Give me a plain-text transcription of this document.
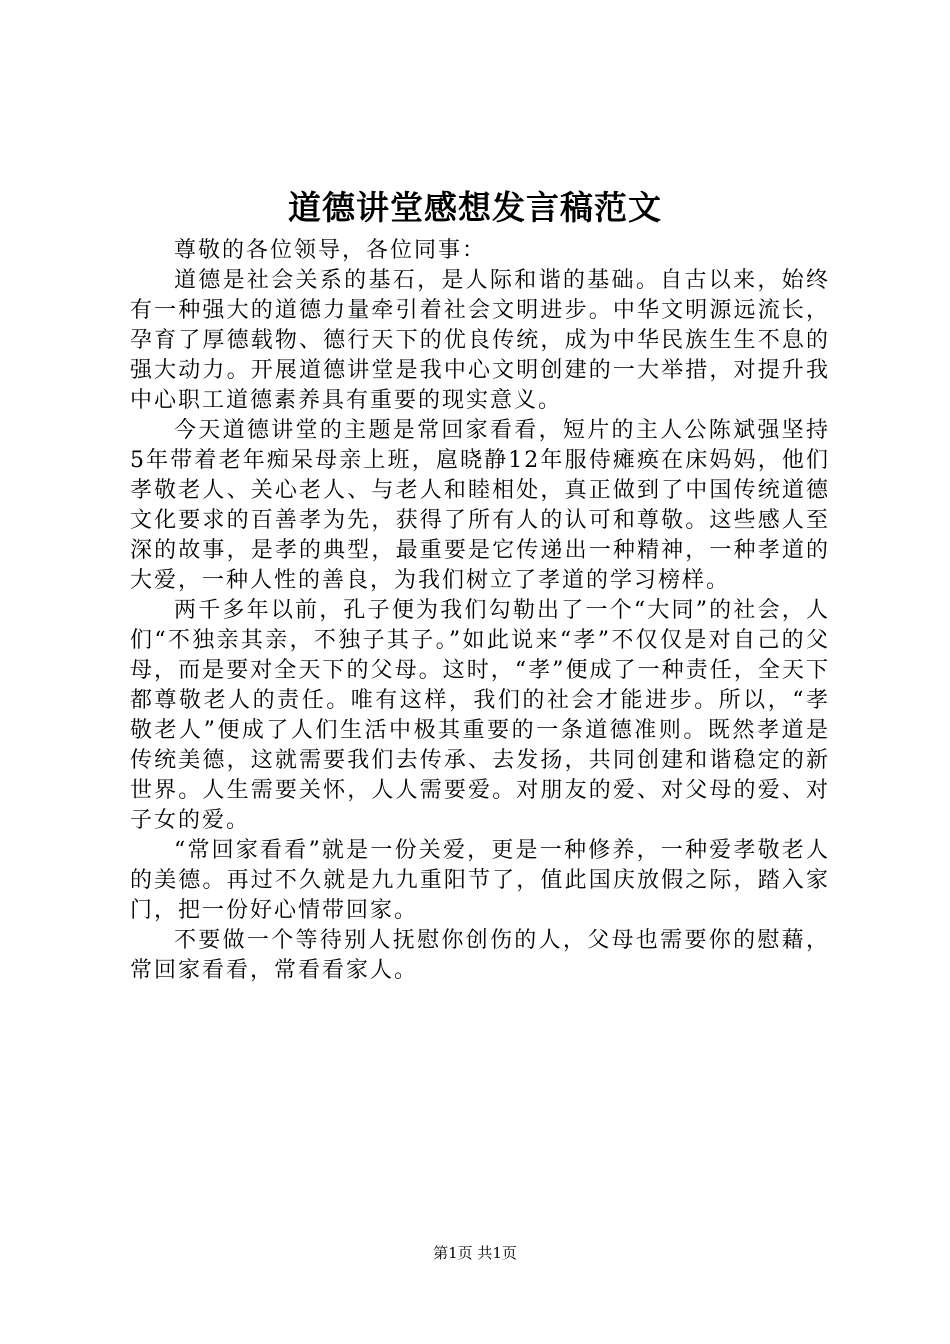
道德讲堂感想发言稿范文

尊敬的各位领导，各位同事：

道德是社会关系的基石，是人际和谐的基础。自古以来，始终有一种强大的道德力量牵引着社会文明进步。中华文明源远流长，孕育了厚德载物、德行天下的优良传统，成为中华民族生生不息的强大动力。开展道德讲堂是我中心文明创建的一大举措，对提升我中心职工道德素养具有重要的现实意义。

今天道德讲堂的主题是常回家看看，短片的主人公陈斌强坚持5年带着老年痴呆母亲上班，扈晓静12年服侍瘫痪在床妈妈，他们孝敬老人、关心老人、与老人和睦相处，真正做到了中国传统道德文化要求的百善孝为先，获得了所有人的认可和尊敬。这些感人至深的故事，是孝的典型，最重要是它传递出一种精神，一种孝道的大爱，一种人性的善良，为我们树立了孝道的学习榜样。

两千多年以前，孔子便为我们勾勒出了一个“大同”的社会，人们“不独亲其亲，不独子其子。”如此说来“孝”不仅仅是对自己的父母，而是要对全天下的父母。这时，“孝”便成了一种责任，全天下都尊敬老人的责任。唯有这样，我们的社会才能进步。所以，“孝敬老人”便成了人们生活中极其重要的一条道德准则。既然孝道是传统美德，这就需要我们去传承、去发扬，共同创建和谐稳定的新世界。人生需要关怀，人人需要爱。对朋友的爱、对父母的爱、对子女的爱。

“常回家看看”就是一份关爱，更是一种修养，一种爱孝敬老人的美德。再过不久就是九九重阳节了，值此国庆放假之际，踏入家门，把一份好心情带回家。

不要做一个等待别人抚慰你创伤的人，父母也需要你的慰藉，常回家看看，常看看家人。

第1页 共1页
